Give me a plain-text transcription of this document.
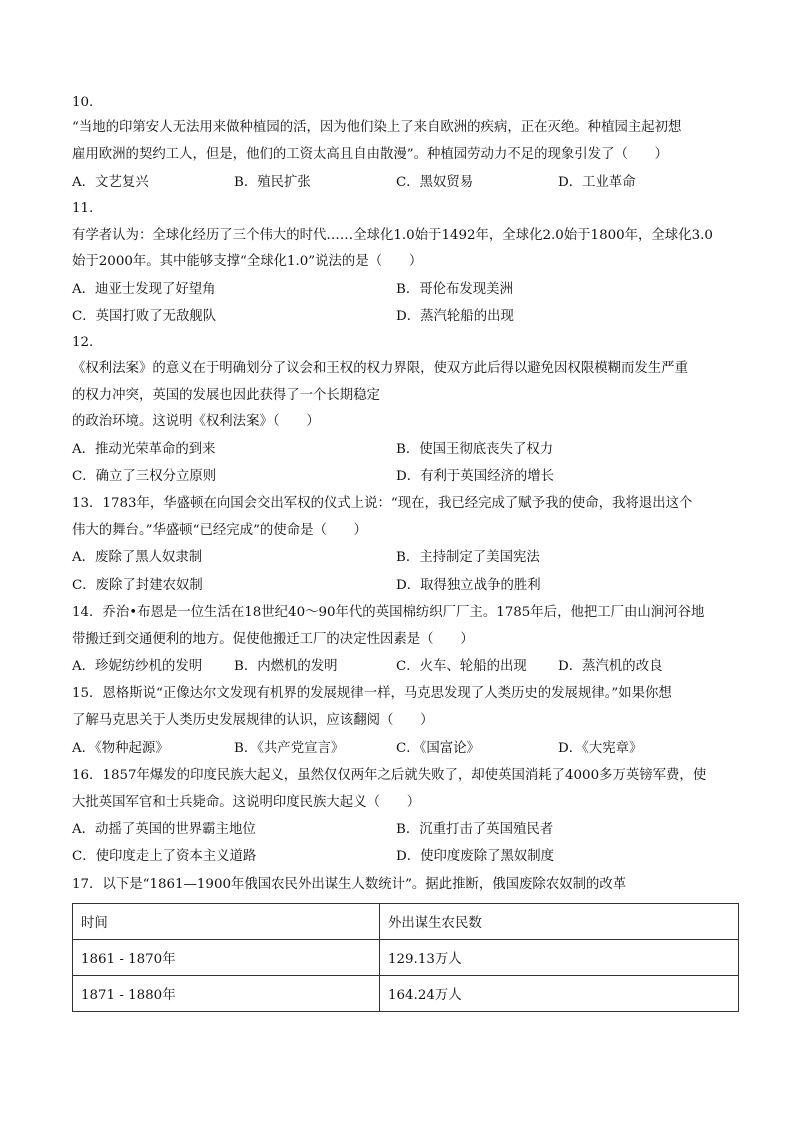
10.
“当地的印第安人无法用来做种植园的活，因为他们染上了来自欧洲的疾病，正在灭绝。种植园主起初想
雇用欧洲的契约工人，但是，他们的工资太高且自由散漫”。种植园劳动力不足的现象引发了（　　）
A．文艺复兴	B．殖民扩张	C．黑奴贸易	D．工业革命
11.
有学者认为：全球化经历了三个伟大的时代……全球化1.0始于1492年，全球化2.0始于1800年，全球化3.0
始于2000年。其中能够支撑“全球化1.0”说法的是（　　）
A．迪亚士发现了好望角	B．哥伦布发现美洲
C．英国打败了无敌舰队	D．蒸汽轮船的出现
12.
《权利法案》的意义在于明确划分了议会和王权的权力界限，使双方此后得以避免因权限模糊而发生严重
的权力冲突，英国的发展也因此获得了一个长期稳定
的政治环境。这说明《权利法案》（　　）
A．推动光荣革命的到来	B．使国王彻底丧失了权力
C．确立了三权分立原则	D．有利于英国经济的增长
13．1783年，华盛顿在向国会交出军权的仪式上说：“现在，我已经完成了赋予我的使命，我将退出这个
伟大的舞台。”华盛顿“已经完成”的使命是（　　）
A．废除了黑人奴隶制	B．主持制定了美国宪法
C．废除了封建农奴制	D．取得独立战争的胜利
14．乔治•布恩是一位生活在18世纪40～90年代的英国棉纺织厂厂主。1785年后，他把工厂由山涧河谷地
带搬迁到交通便利的地方。促使他搬迁工厂的决定性因素是（　　）
A．珍妮纺纱机的发明 B．内燃机的发明	C．火车、轮船的出现 D．蒸汽机的改良
15．恩格斯说“正像达尔文发现有机界的发展规律一样，马克思发现了人类历史的发展规律。”如果你想
了解马克思关于人类历史发展规律的认识，应该翻阅（　　）
A．《物种起源》	B．《共产党宣言》	C．《国富论》	D．《大宪章》
16．1857年爆发的印度民族大起义，虽然仅仅两年之后就失败了，却使英国消耗了4000多万英镑军费，使
大批英国军官和士兵毙命。这说明印度民族大起义（　　）
A．动摇了英国的世界霸主地位	B．沉重打击了英国殖民者
C．使印度走上了资本主义道路	D．使印度废除了黑奴制度
17．以下是“1861—1900年俄国农民外出谋生人数统计”。据此推断，俄国废除农奴制的改革
时间	外出谋生农民数
1861 - 1870年	129.13万人
1871 - 1880年	164.24万人
